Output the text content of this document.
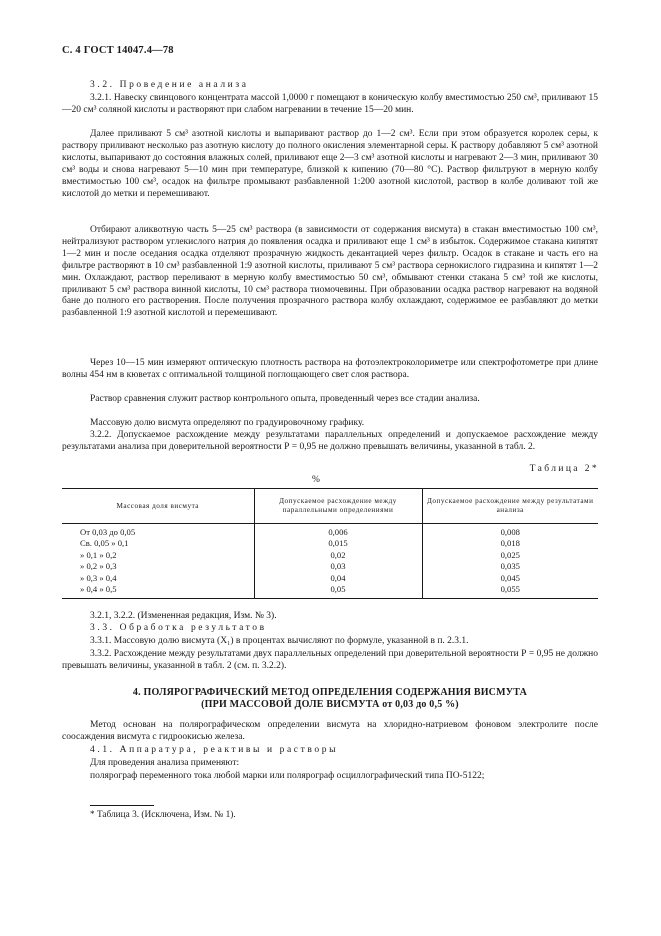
С. 4 ГОСТ 14047.4—78
3.2. Проведение анализа
3.2.1. Навеску свинцового концентрата массой 1,0000 г помещают в коническую колбу вместимостью 250 см³, приливают 15—20 см³ соляной кислоты и растворяют при слабом нагревании в течение 15—20 мин.
Далее приливают 5 см³ азотной кислоты и выпаривают раствор до 1—2 см³. Если при этом образуется королек серы, к раствору приливают несколько раз азотную кислоту до полного окисления элементарной серы. К раствору добавляют 5 см³ азотной кислоты, выпаривают до состояния влажных солей, приливают еще 2—3 см³ азотной кислоты и нагревают 2—3 мин, приливают 30 см³ воды и снова нагревают 5—10 мин при температуре, близкой к кипению (70—80 °С). Раствор фильтруют в мерную колбу вместимостью 100 см³, осадок на фильтре промывают разбавленной 1:200 азотной кислотой, раствор в колбе доливают той же кислотой до метки и перемешивают.
Отбирают аликвотную часть 5—25 см³ раствора (в зависимости от содержания висмута) в стакан вместимостью 100 см³, нейтрализуют раствором углекислого натрия до появления осадка и приливают еще 1 см³ в избыток. Содержимое стакана кипятят 1—2 мин и после оседания осадка отделяют прозрачную жидкость декантацией через фильтр. Осадок в стакане и часть его на фильтре растворяют в 10 см³ разбавленной 1:9 азотной кислоты, приливают 5 см³ раствора сернокислого гидразина и кипятят 1—2 мин. Охлаждают, раствор переливают в мерную колбу вместимостью 50 см³, обмывают стенки стакана 5 см³ той же кислоты, приливают 5 см³ раствора винной кислоты, 10 см³ раствора тиомочевины. При образовании осадка раствор нагревают на водяной бане до полного его растворения. После получения прозрачного раствора колбу охлаждают, содержимое ее разбавляют до метки разбавленной 1:9 азотной кислотой и перемешивают.
Через 10—15 мин измеряют оптическую плотность раствора на фотоэлектроколориметре или спектрофотометре при длине волны 454 нм в кюветах с оптимальной толщиной поглощающего свет слоя раствора.
Раствор сравнения служит раствор контрольного опыта, проведенный через все стадии анализа.
Массовую долю висмута определяют по градуировочному графику.
3.2.2. Допускаемое расхождение между результатами параллельных определений и допускаемое расхождение между результатами анализа при доверительной вероятности Р = 0,95 не должно превышать величины, указанной в табл. 2.
Таблица 2*
%
Массовая доля висмута	Допускаемое расхождение между параллельными определениями	Допускаемое расхождение между результатами анализа
От 0,03 до 0,05	0,006	0,008
Св. 0,05 » 0,1	0,015	0,018
» 0,1 » 0,2	0,02	0,025
» 0,2 » 0,3	0,03	0,035
» 0,3 » 0,4	0,04	0,045
» 0,4 » 0,5	0,05	0,055
3.2.1, 3.2.2. (Измененная редакция, Изм. № 3).
3.3. Обработка результатов
3.3.1. Массовую долю висмута (X₁) в процентах вычисляют по формуле, указанной в п. 2.3.1.
3.3.2. Расхождение между результатами двух параллельных определений при доверительной вероятности Р = 0,95 не должно превышать величины, указанной в табл. 2 (см. п. 3.2.2).
4. ПОЛЯРОГРАФИЧЕСКИЙ МЕТОД ОПРЕДЕЛЕНИЯ СОДЕРЖАНИЯ ВИСМУТА
(ПРИ МАССОВОЙ ДОЛЕ ВИСМУТА от 0,03 до 0,5 %)
Метод основан на полярографическом определении висмута на хлоридно-натриевом фоновом электролите после соосаждения висмута с гидроокисью железа.
4.1. Аппаратура, реактивы и растворы
Для проведения анализа применяют:
полярограф переменного тока любой марки или полярограф осциллографический типа ПО-5122;
* Таблица 3. (Исключена, Изм. № 1).
